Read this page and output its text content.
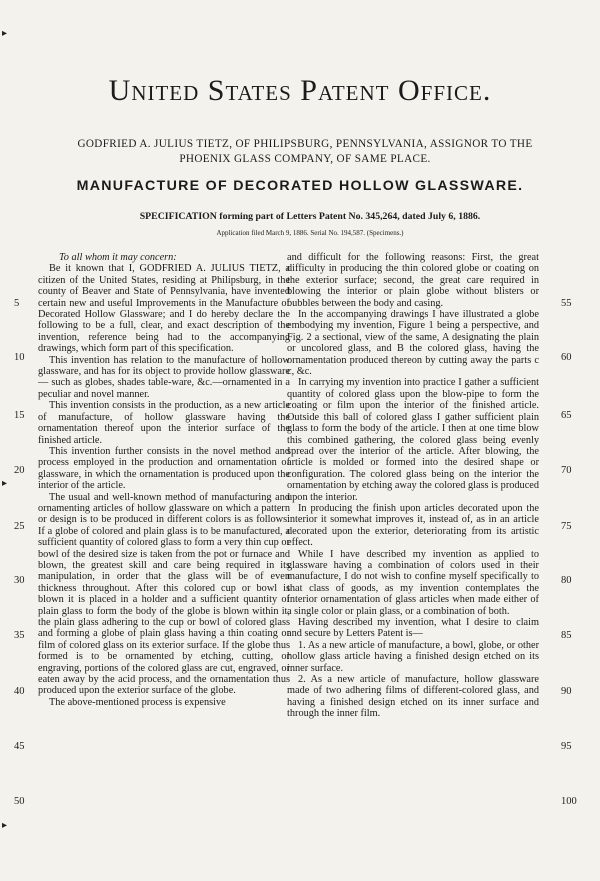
United States Patent Office.
GODFRIED A. JULIUS TIETZ, OF PHILIPSBURG, PENNSYLVANIA, ASSIGNOR TO THE PHOENIX GLASS COMPANY, OF SAME PLACE.
MANUFACTURE OF DECORATED HOLLOW GLASSWARE.
SPECIFICATION forming part of Letters Patent No. 345,264, dated July 6, 1886.
Application filed March 9, 1886. Serial No. 194,587. (Specimens.)

To all whom it may concern:

Be it known that I, GODFRIED A. JULIUS TIETZ, a citizen of the United States, residing at Philipsburg, in the county of Beaver and State of Pennsylvania, have invented certain new and useful Improvements in the Manufacture of Decorated Hollow Glassware; and I do hereby declare the following to be a full, clear, and exact description of the invention, reference being had to the accompanying drawings, which form part of this specification.

This invention has relation to the manufacture of hollow glassware, and has for its object to provide hollow glassware — such as globes, shades table-ware, &c.—ornamented in a peculiar and novel manner.

This invention consists in the production, as a new article of manufacture, of hollow glassware having the ornamentation thereof upon the interior surface of the finished article.

This invention further consists in the novel method and process employed in the production and ornamentation of glassware, in which the ornamentation is produced upon the interior of the article.

The usual and well-known method of manufacturing and ornamenting articles of hollow glassware on which a pattern or design is to be produced in different colors is as follows: If a globe of colored and plain glass is to be manufactured, a sufficient quantity of colored glass to form a very thin cup or bowl of the desired size is taken from the pot or furnace and blown, the greatest skill and care being required in its manipulation, in order that the glass will be of even thickness throughout. After this colored cup or bowl is blown it is placed in a holder and a sufficient quantity of plain glass to form the body of the globe is blown within it, the plain glass adhering to the cup or bowl of colored glass and forming a globe of plain glass having a thin coating or film of colored glass on its exterior surface. If the globe thus formed is to be ornamented by etching, cutting, or engraving, portions of the colored glass are cut, engraved, or eaten away by the acid process, and the ornamentation thus produced upon the exterior surface of the globe.

The above-mentioned process is expensive

and difficult for the following reasons: First, the great difficulty in producing the thin colored globe or coating on the exterior surface; second, the great care required in blowing the interior or plain globe without blisters or bubbles between the body and casing.

In the accompanying drawings I have illustrated a globe embodying my invention, Figure 1 being a perspective, and Fig. 2 a sectional, view of the same, A designating the plain or uncolored glass, and B the colored glass, having the ornamentation produced thereon by cutting away the parts c c, &c.

In carrying my invention into practice I gather a sufficient quantity of colored glass upon the blow-pipe to form the coating or film upon the interior of the finished article. Outside this ball of colored glass I gather sufficient plain glass to form the body of the article. I then at one time blow this combined gathering, the colored glass being evenly spread over the interior of the article. After blowing, the article is molded or formed into the desired shape or configuration. The colored glass being on the interior the ornamentation by etching away the colored glass is produced upon the interior.

In producing the finish upon articles decorated upon the interior it somewhat improves it, instead of, as in an article decorated upon the exterior, deteriorating from its artistic effect.

While I have described my invention as applied to glassware having a combination of colors used in their manufacture, I do not wish to confine myself specifically to that class of goods, as my invention contemplates the interior ornamentation of glass articles when made either of a single color or plain glass, or a combination of both.

Having described my invention, what I desire to claim and secure by Letters Patent is—

1. As a new article of manufacture, a bowl, globe, or other hollow glass article having a finished design etched on its inner surface.

2. As a new article of manufacture, hollow glassware made of two adhering films of different-colored glass, and having a finished design etched on its inner surface and through the inner film.

5
10
15
20
25
30
35
40
45
50
55
60
65
70
75
80
85
90
95
100
▸
▸
▸
